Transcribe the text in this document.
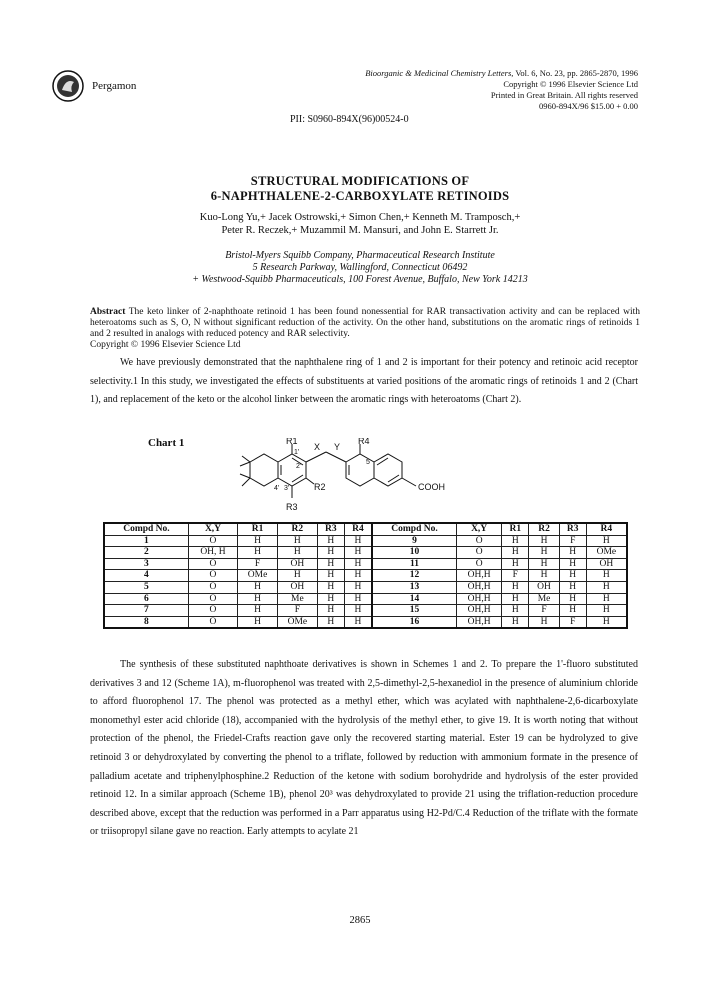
Pergamon
Bioorganic & Medicinal Chemistry Letters, Vol. 6, No. 23, pp. 2865-2870, 1996
Copyright © 1996 Elsevier Science Ltd
Printed in Great Britain. All rights reserved
0960-894X/96 $15.00 + 0.00
PII: S0960-894X(96)00524-0
STRUCTURAL MODIFICATIONS OF
6-NAPHTHALENE-2-CARBOXYLATE RETINOIDS
Kuo-Long Yu,+ Jacek Ostrowski,+ Simon Chen,+ Kenneth M. Tramposch,+
Peter R. Reczek,+ Muzammil M. Mansuri, and John E. Starrett Jr.
Bristol-Myers Squibb Company, Pharmaceutical Research Institute
5 Research Parkway, Wallingford, Connecticut 06492
+ Westwood-Squibb Pharmaceuticals, 100 Forest Avenue, Buffalo, New York 14213
Abstract The keto linker of 2-naphthoate retinoid 1 has been found nonessential for RAR transactivation activity and can be replaced with heteroatoms such as S, O, N without significant reduction of the activity. On the other hand, substitutions on the aromatic rings of retinoids 1 and 2 resulted in analogs with reduced potency and RAR selectivity.
Copyright © 1996 Elsevier Science Ltd
We have previously demonstrated that the naphthalene ring of 1 and 2 is important for their potency and retinoic acid receptor selectivity.1 In this study, we investigated the effects of substituents at varied positions of the aromatic rings of retinoids 1 and 2 (Chart 1), and replacement of the keto or the alcohol linker between the aromatic rings with heteroatoms (Chart 2).
Chart 1	R1
X Y
R4
1'
5
2'
4' 3'	R2
R3
COOH
Compd No.	X,Y	R1	R2	R3	R4	Compd No.	X,Y	R1	R2	R3	R4
1	O	H	H	H	H	9	O	H	H	F	H
2	OH, H	H	H	H	H	10	O	H	H	H	OMe
3	O	F	OH	H	H	11	O	H	H	H	OH
4	O	OMe	H	H	H	12	OH,H	F	H	H	H
5	O	H	OH	H	H	13	OH,H	H	OH	H	H
6	O	H	Me	H	H	14	OH,H	H	Me	H	H
7	O	H	F	H	H	15	OH,H	H	F	H	H
8	O	H	OMe	H	H	16	OH,H	H	H	F	H
The synthesis of these substituted naphthoate derivatives is shown in Schemes 1 and 2. To prepare the 1'-fluoro substituted derivatives 3 and 12 (Scheme 1A), m-fluorophenol was treated with 2,5-dimethyl-2,5-hexanediol in the presence of aluminium chloride to afford fluorophenol 17. The phenol was protected as a methyl ether, which was acylated with naphthalene-2,6-dicarboxylate monomethyl ester acid chloride (18), accompanied with the hydrolysis of the methyl ether, to give 19. It is worth noting that without protection of the phenol, the Friedel-Crafts reaction gave only the recovered starting material. Ester 19 can be hydrolyzed to give retinoid 3 or dehydroxylated by converting the phenol to a triflate, followed by reduction with ammonium formate in the presence of palladium acetate and triphenylphosphine.2 Reduction of the ketone with sodium borohydride and hydrolysis of the ester provided retinoid 12. In a similar approach (Scheme 1B), phenol 20³ was dehydroxylated to provide 21 using the triflation-reduction procedure described above, except that the reduction was performed in a Parr apparatus using H2-Pd/C.4 Reduction of the triflate with the formate or triisopropyl silane gave no reaction. Early attempts to acylate 21
2865
